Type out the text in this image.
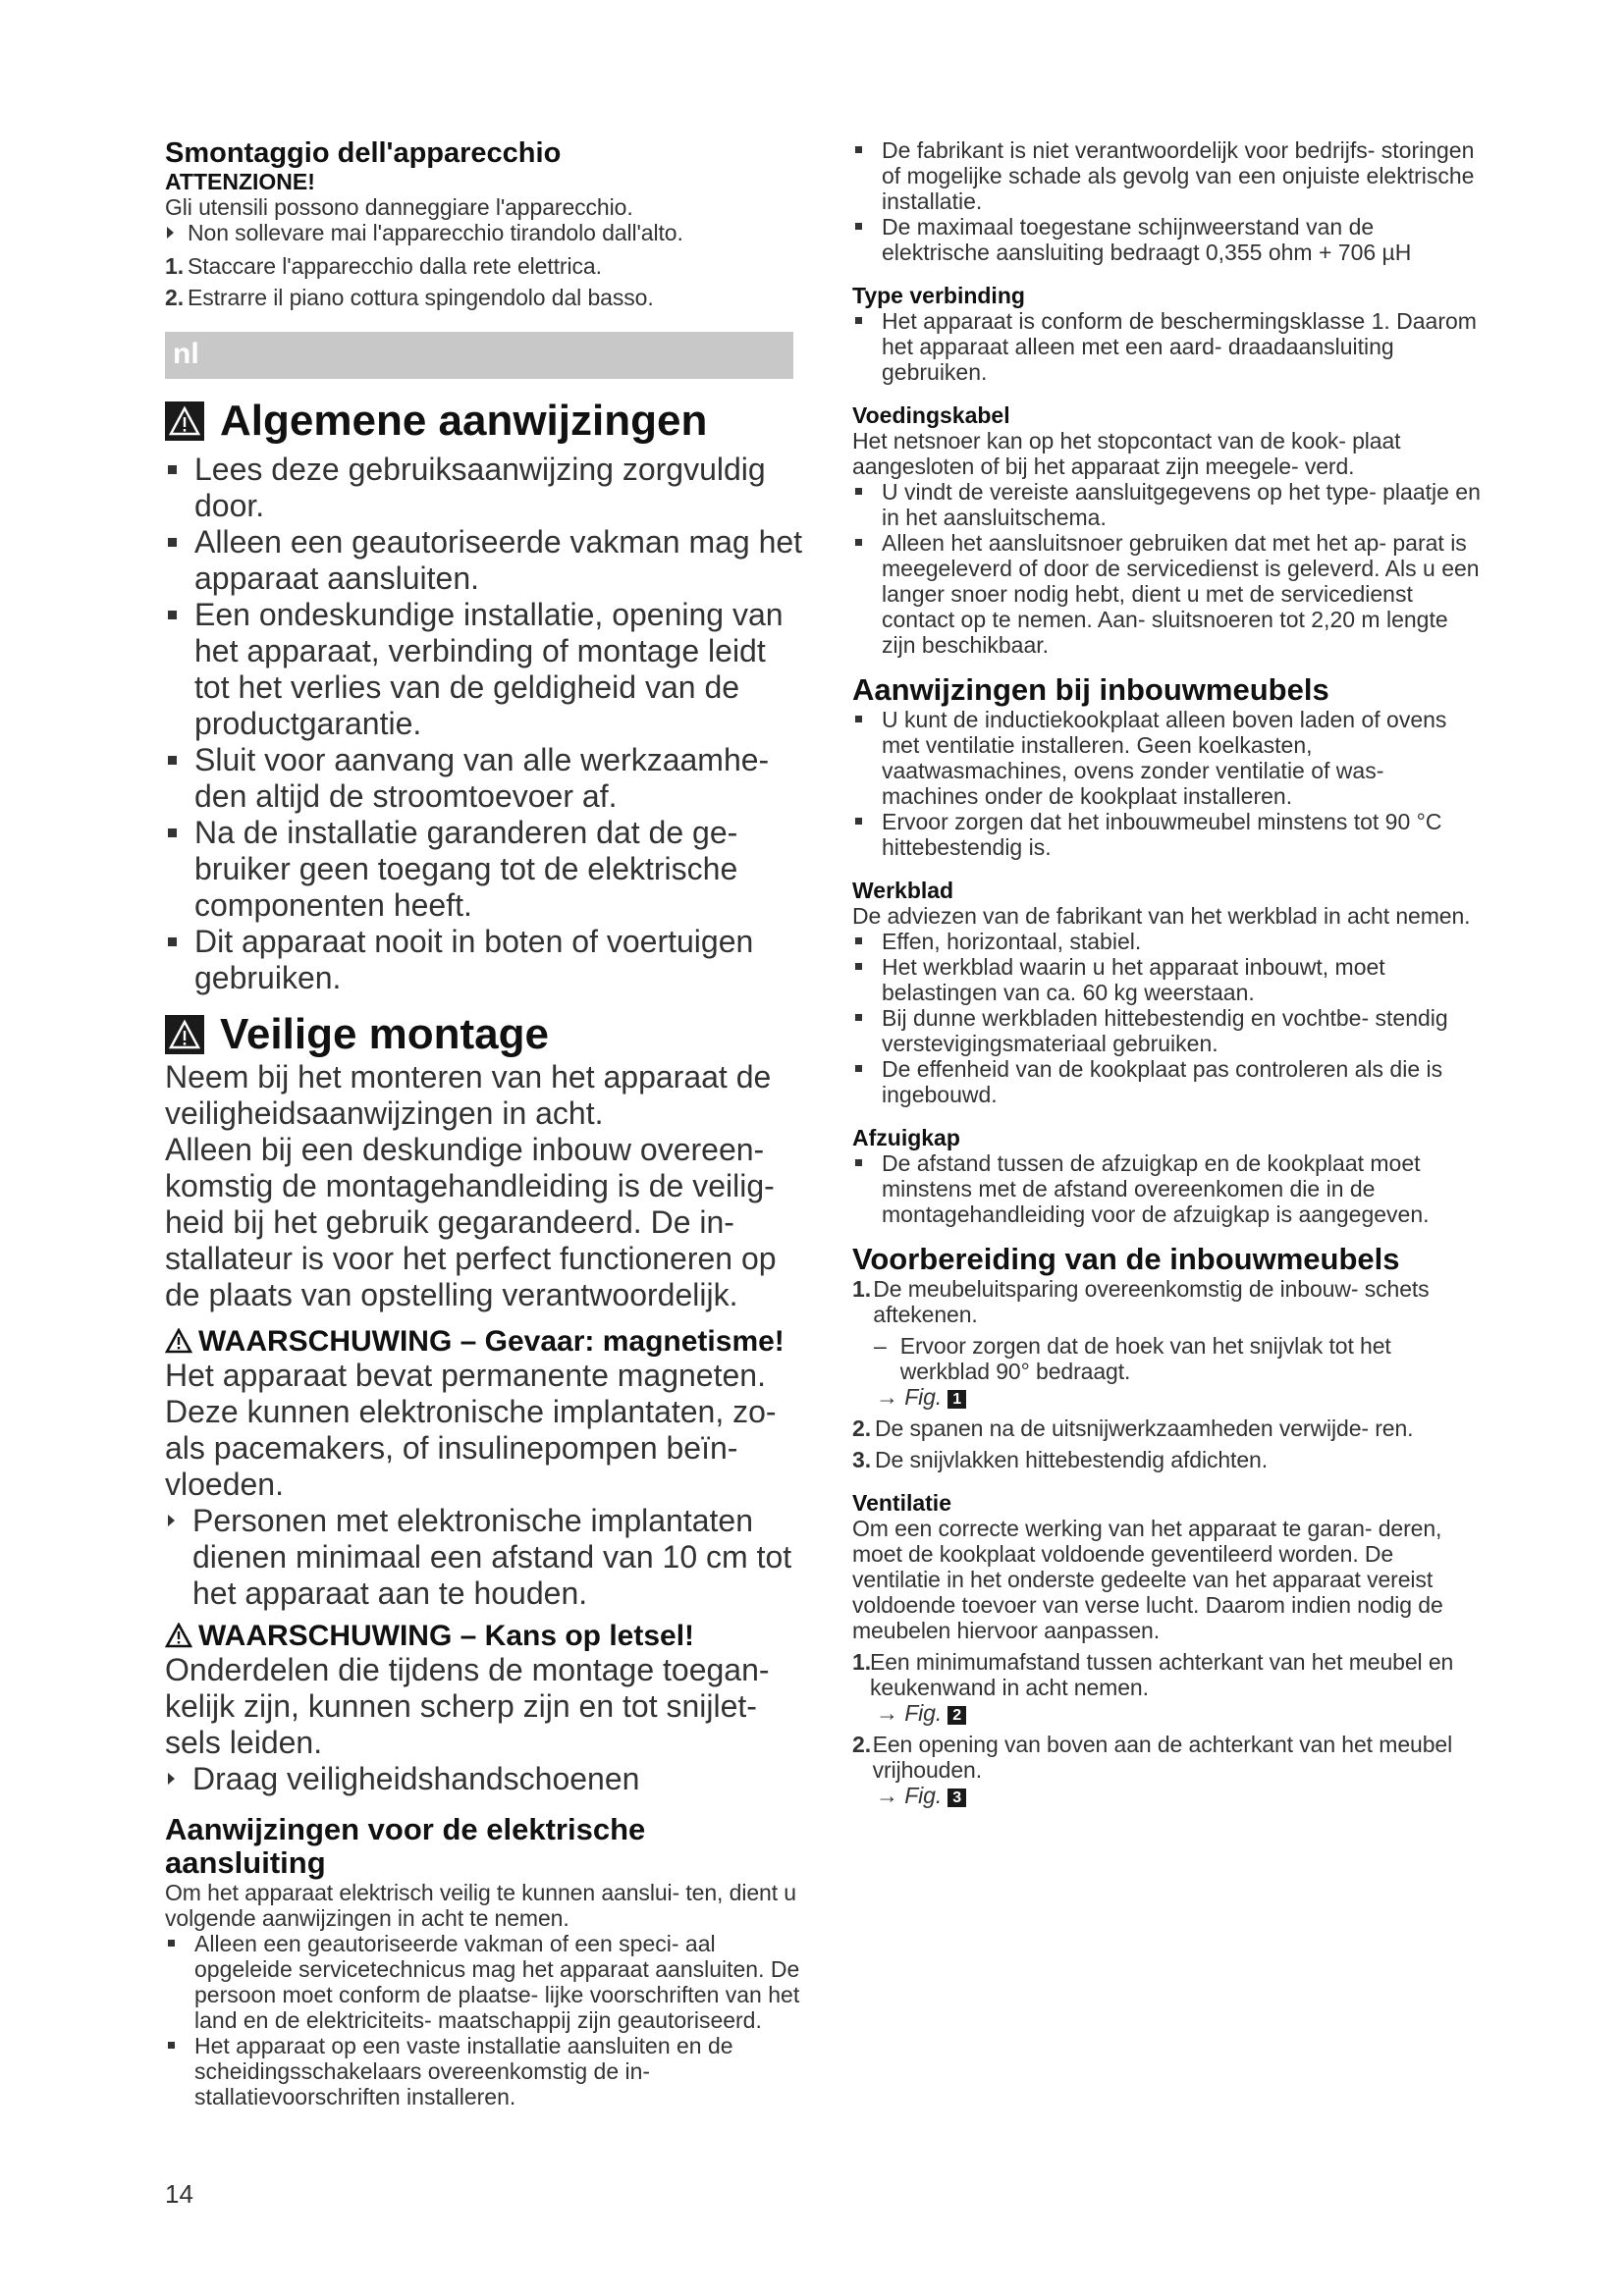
Smontaggio dell'apparecchio
ATTENZIONE!

Gli utensili possono danneggiare l'apparecchio.

Non sollevare mai l'apparecchio tirandolo dall'alto.
1. Staccare l'apparecchio dalla rete elettrica.
2. Estrarre il piano cottura spingendolo dal basso.
nl
Algemene aanwijzingen
Lees deze gebruiksaanwijzing zorgvuldig door.
Alleen een geautoriseerde vakman mag het apparaat aansluiten.
Een ondeskundige installatie, opening van het apparaat, verbinding of montage leidt tot het verlies van de geldigheid van de productgarantie.
Sluit voor aanvang van alle werkzaamhe- den altijd de stroomtoevoer af.
Na de installatie garanderen dat de ge- bruiker geen toegang tot de elektrische componenten heeft.
Dit apparaat nooit in boten of voertuigen gebruiken.
Veilige montage

Neem bij het monteren van het apparaat de veiligheidsaanwijzingen in acht.

Alleen bij een deskundige inbouw overeen- komstig de montagehandleiding is de veilig- heid bij het gebruik gegarandeerd. De in- stallateur is voor het perfect functioneren op de plaats van opstelling verantwoordelijk.

WAARSCHUWING – Gevaar: magnetisme!

Het apparaat bevat permanente magneten. Deze kunnen elektronische implantaten, zo- als pacemakers, of insulinepompen beïn- vloeden.

Personen met elektronische implantaten dienen minimaal een afstand van 10 cm tot het apparaat aan te houden.
WAARSCHUWING – Kans op letsel!

Onderdelen die tijdens de montage toegan- kelijk zijn, kunnen scherp zijn en tot snijlet- sels leiden.

Draag veiligheidshandschoenen
Aanwijzingen voor de elektrische aansluiting

Om het apparaat elektrisch veilig te kunnen aanslui- ten, dient u volgende aanwijzingen in acht te nemen.

Alleen een geautoriseerde vakman of een speci- aal opgeleide servicetechnicus mag het apparaat aansluiten. De persoon moet conform de plaatse- lijke voorschriften van het land en de elektriciteits- maatschappij zijn geautoriseerd.
Het apparaat op een vaste installatie aansluiten en de scheidingsschakelaars overeenkomstig de in- stallatievoorschriften installeren.
14
De fabrikant is niet verantwoordelijk voor bedrijfs- storingen of mogelijke schade als gevolg van een onjuiste elektrische installatie.
De maximaal toegestane schijnweerstand van de elektrische aansluiting bedraagt 0,355 ohm + 706 µH
Type verbinding
Het apparaat is conform de beschermingsklasse 1. Daarom het apparaat alleen met een aard- draadaansluiting gebruiken.
Voedingskabel

Het netsnoer kan op het stopcontact van de kook- plaat aangesloten of bij het apparaat zijn meegele- verd.

U vindt de vereiste aansluitgegevens op het type- plaatje en in het aansluitschema.
Alleen het aansluitsnoer gebruiken dat met het ap- parat is meegeleverd of door de servicedienst is geleverd. Als u een langer snoer nodig hebt, dient u met de servicedienst contact op te nemen. Aan- sluitsnoeren tot 2,20 m lengte zijn beschikbaar.
Aanwijzingen bij inbouwmeubels
U kunt de inductiekookplaat alleen boven laden of ovens met ventilatie installeren. Geen koelkasten, vaatwasmachines, ovens zonder ventilatie of was- machines onder de kookplaat installeren.
Ervoor zorgen dat het inbouwmeubel minstens tot 90 °C hittebestendig is.
Werkblad

De adviezen van de fabrikant van het werkblad in acht nemen.

Effen, horizontaal, stabiel.
Het werkblad waarin u het apparaat inbouwt, moet belastingen van ca. 60 kg weerstaan.
Bij dunne werkbladen hittebestendig en vochtbe- stendig verstevigingsmateriaal gebruiken.
De effenheid van de kookplaat pas controleren als die is ingebouwd.
Afzuigkap
De afstand tussen de afzuigkap en de kookplaat moet minstens met de afstand overeenkomen die in de montagehandleiding voor de afzuigkap is aangegeven.
Voorbereiding van de inbouwmeubels
1. De meubeluitsparing overeenkomstig de inbouw- schets aftekenen.
– Ervoor zorgen dat de hoek van het snijvlak tot het werkblad 90° bedraagt.
→ Fig. 1
2. De spanen na de uitsnijwerkzaamheden verwijde- ren.
3. De snijvlakken hittebestendig afdichten.
Ventilatie

Om een correcte werking van het apparaat te garan- deren, moet de kookplaat voldoende geventileerd worden. De ventilatie in het onderste gedeelte van het apparaat vereist voldoende toevoer van verse lucht. Daarom indien nodig de meubelen hiervoor aanpassen.

1. Een minimumafstand tussen achterkant van het meubel en keukenwand in acht nemen.
→ Fig. 2
2. Een opening van boven aan de achterkant van het meubel vrijhouden.
→ Fig. 3
